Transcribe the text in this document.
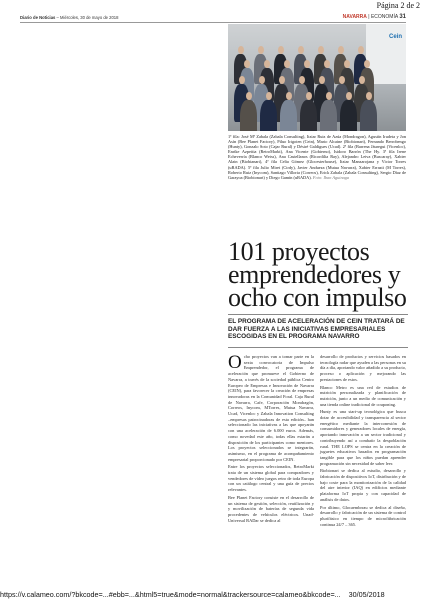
Página 2 de 2
Diario de Noticias – Miércoles, 30 de mayo de 2018	NAVARRA | ECONOMÍA 31
Cein
1ª fila: José Mª Zabala (Zabala Consulting), Itziar Ruiz de Azúa (Mondragon), Agustín Irudeta y Jon Asín (Bee Planet Factory), Piluo Irigoien (Cein), Mario Alcaine (Biobionart), Fernando Berrobengo (Hunty), Gonzalo Soto (Cajar Rural) y Désiré Galdigues (Ucad). 2ª fila (Barrena Jáuregui (Vicenloc), Enrike Azpeitia (RetroMarkt), Ana Vicente (Gobierno), Isidoro Barrón (The Hy. 3ª fila Irene Echeverría (Blanco Weiss), Ana Castellanos (Ricordilia Ray), Alejandro Leiva (Buscaray), Xabier Alain (Biobianart), 4ª fila Celia Gómez (Glocesterhouse), Itziar Manzarojana y Victor Torres (uRADA). 5ª fila Julio Miret (Cirdy), Javier Andueza (Mutua Navarra), Xabier Errazti (M Torres), Roberto Ruiz (Inycom), Santiago Villoria (Correos), Erick Zabala (Zabala Consulting), Sergio Díaz de Garayoa (Biobionart) y Diego Gamín (uRADA). Foto: Iban Aguinaga
101 proyectos emprendedores y ocho con impulso
EL PROGRAMA DE ACELERACIÓN DE CEIN TRATARÁ DE DAR FUERZA A LAS INICIATIVAS EMPRESARIALES ESCOGIDAS EN EL PROGRAMA NAVARRO

Ocho proyectos van a tomar parte en la sexta convocatoria de Impulso Emprendedor, el programa de aceleración que promueve el Gobierno de Navarra, a través de la sociedad pública Centro Europeo de Empresas e Innovación de Navarra (CEIN), para favorecer la creación de empresas innovadoras en la Comunidad Foral. Caja Rural de Navarra, Cafe, Corporación Mondragón, Correos, Inycom, MTorres, Mutua Navarra, Ucad, Vicenloc y Zabala Innovation Consulting –empresas patrocinadoras de esta edición– han seleccionado las iniciativas a las que apoyarán con una aceleración de 6.000 euros. Además, como novedad este año, todas ellas estarán a disposición de los participantes como mentores. Los proyectos seleccionados se integrarán, asimismo, en el programa de acompañamiento empresarial proporcionado por CEIN.

Entre los proyectos seleccionados, RetroMarkt trata de un sistema global para compradores y vendedores de vídeo juegos retro de toda Europa con un catálogo central y una guía de precios relevantes.

Bee Planet Factory consiste en el desarrollo de un sistema de gestión, selección, reutilización y y movilización de baterías de segunda vida procedentes de vehículos eléctricos. Unad-Universal RADar se dedica al

desarrollo de productos y servicios basados en tecnología radar que ayuden a las personas en su día a día, aportando valor añadido a su producto, proceso o aplicación y mejorando las prestaciones de estos.

Blanco Metro es una red de estudios de nutrición personalizada y planificación de nutrición, junto a un medio de comunicación y una tienda online tradicional de couponing.

Hunty es una start-up tecnológica que busca dotar de accesibilidad y transparencia al sector energético mediante la interconexión de consumidores y generadores locales de energía, aportando innovación a un sector tradicional y contribuyendo así a combatir la despoblación rural. THE LOPS se centra en la creación de juguetes educativos basados en programación tangible para que los niños puedan aprender programación sin necesidad de saber leer.

Biobionart se dedica al estudio, desarrollo y fabricación de dispositivos IoT, distribución y de bajo coste para la monitorización de la calidad del aire interior (IAQ) en edificios mediante plataforma IoT propia y con capacidad de análisis de datos.

Por último, Glocaembrrau se dedica al diseño, desarrollo y fabricación de un sistema de control plurifásico en tiempo de microfábricación continua 24/7 – 365.

https://v.calameo.com/?bkcode=...#ebb=...&html5=true&mode=normal&trackersource=calameo&bkcode=... 30/05/2018
